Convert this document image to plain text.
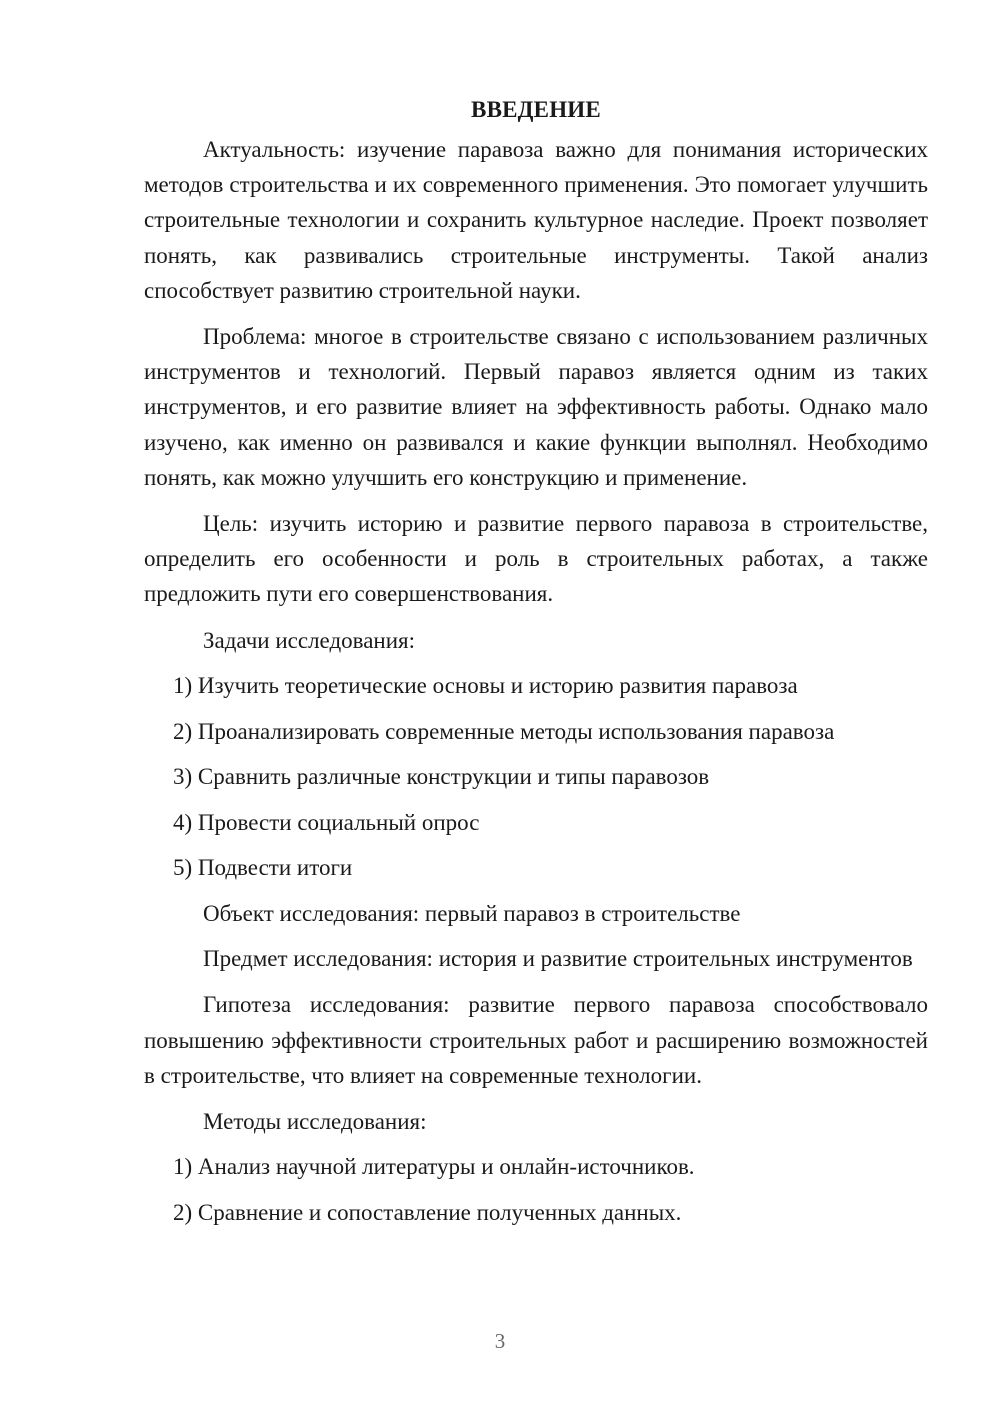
ВВЕДЕНИЕ

Актуальность: изучение паравоза важно для понимания исторических методов строительства и их современного применения. Это помогает улучшить строительные технологии и сохранить культурное наследие. Проект позволяет понять, как развивались строительные инструменты. Такой анализ способствует развитию строительной науки.

Проблема: многое в строительстве связано с использованием различных инструментов и технологий. Первый паравоз является одним из таких инструментов, и его развитие влияет на эффективность работы. Однако мало изучено, как именно он развивался и какие функции выполнял. Необходимо понять, как можно улучшить его конструкцию и применение.

Цель: изучить историю и развитие первого паравоза в строительстве, определить его особенности и роль в строительных работах, а также предложить пути его совершенствования.

Задачи исследования:
1) Изучить теоретические основы и историю развития паравоза
2) Проанализировать современные методы использования паравоза
3) Сравнить различные конструкции и типы паравозов
4) Провести социальный опрос
5) Подвести итоги
Объект исследования: первый паравоз в строительстве

Предмет исследования: история и развитие строительных инструментов

Гипотеза исследования: развитие первого паравоза способствовало повышению эффективности строительных работ и расширению возможностей в строительстве, что влияет на современные технологии.

Методы исследования:
1) Анализ научной литературы и онлайн-источников.
2) Сравнение и сопоставление полученных данных.
3
